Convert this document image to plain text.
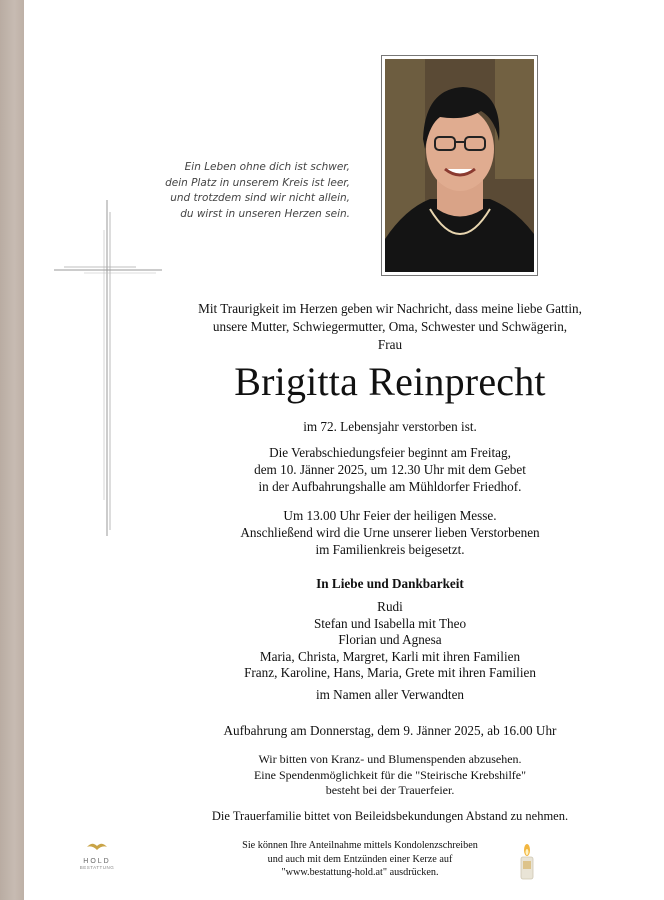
Ein Leben ohne dich ist schwer,
dein Platz in unserem Kreis ist leer,
und trotzdem sind wir nicht allein,
du wirst in unseren Herzen sein.
Mit Traurigkeit im Herzen geben wir Nachricht, dass meine liebe Gattin,
unsere Mutter, Schwiegermutter, Oma, Schwester und Schwägerin,
Frau
Brigitta Reinprecht
im 72. Lebensjahr verstorben ist.
Die Verabschiedungsfeier beginnt am Freitag,
dem 10. Jänner 2025, um 12.30 Uhr mit dem Gebet
in der Aufbahrungshalle am Mühldorfer Friedhof.
Um 13.00 Uhr Feier der heiligen Messe.
Anschließend wird die Urne unserer lieben Verstorbenen
im Familienkreis beigesetzt.
In Liebe und Dankbarkeit
Rudi
Stefan und Isabella mit Theo
Florian und Agnesa
Maria, Christa, Margret, Karli mit ihren Familien
Franz, Karoline, Hans, Maria, Grete mit ihren Familien
im Namen aller Verwandten
Aufbahrung am Donnerstag, dem 9. Jänner 2025, ab 16.00 Uhr
Wir bitten von Kranz- und Blumenspenden abzusehen.
Eine Spendenmöglichkeit für die "Steirische Krebshilfe"
besteht bei der Trauerfeier.
Die Trauerfamilie bittet von Beileidsbekundungen Abstand zu nehmen.
HOLD
BESTATTUNG
Sie können Ihre Anteilnahme mittels Kondolenzschreiben
und auch mit dem Entzünden einer Kerze auf
"www.bestattung-hold.at" ausdrücken.
